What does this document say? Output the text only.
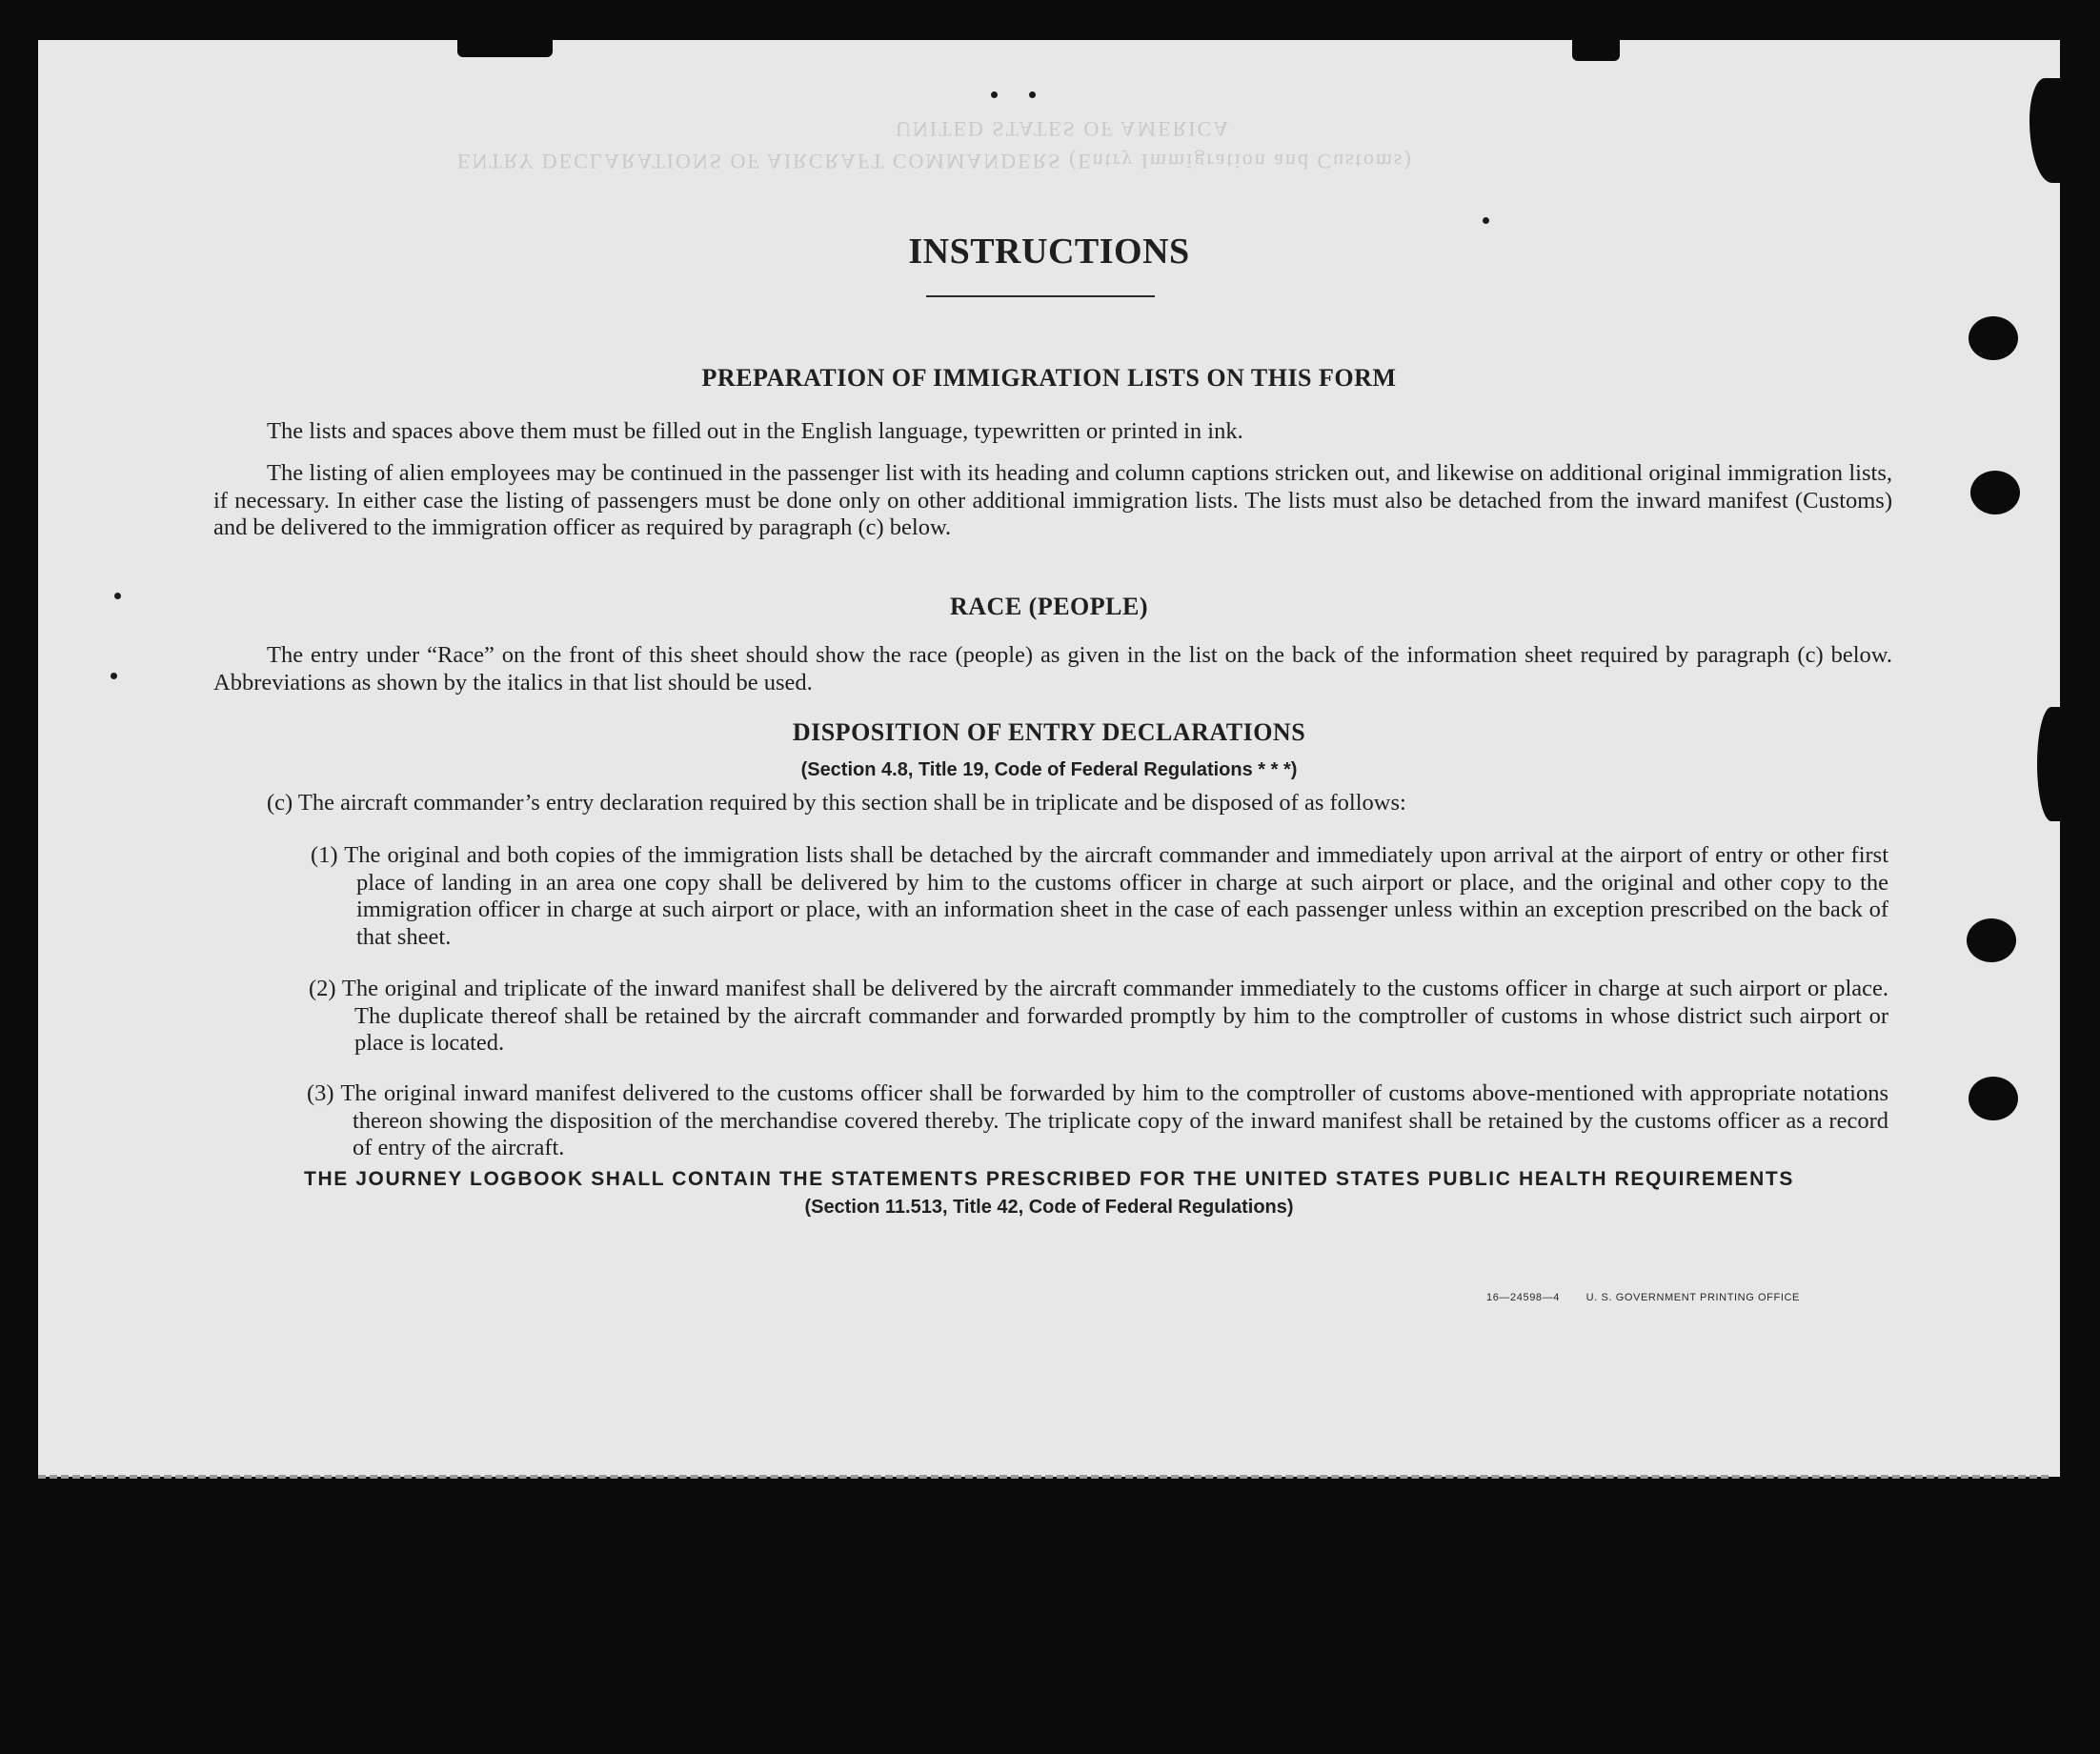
UNITED STATES OF AMERICA
ENTRY DECLARATIONS OF AIRCRAFT COMMANDERS (Entry Immigration and Customs)
INSTRUCTIONS
PREPARATION OF IMMIGRATION LISTS ON THIS FORM
The lists and spaces above them must be filled out in the English language, typewritten or printed in ink.
The listing of alien employees may be continued in the passenger list with its heading and column captions stricken out, and likewise on additional original immigration lists, if necessary. In either case the listing of passengers must be done only on other additional immigration lists. The lists must also be detached from the inward manifest (Customs) and be delivered to the immigration officer as required by paragraph (c) below.
RACE (PEOPLE)
The entry under “Race” on the front of this sheet should show the race (people) as given in the list on the back of the information sheet required by paragraph (c) below. Abbreviations as shown by the italics in that list should be used.
DISPOSITION OF ENTRY DECLARATIONS
(Section 4.8, Title 19, Code of Federal Regulations * * *)
(c) The aircraft commander’s entry declaration required by this section shall be in triplicate and be disposed of as follows:
(1) The original and both copies of the immigration lists shall be detached by the aircraft commander and immediately upon arrival at the airport of entry or other first place of landing in an area one copy shall be delivered by him to the customs officer in charge at such airport or place, and the original and other copy to the immigration officer in charge at such airport or place, with an information sheet in the case of each passenger unless within an exception prescribed on the back of that sheet.
(2) The original and triplicate of the inward manifest shall be delivered by the aircraft commander immediately to the customs officer in charge at such airport or place. The duplicate thereof shall be retained by the aircraft commander and forwarded promptly by him to the comptroller of customs in whose district such airport or place is located.
(3) The original inward manifest delivered to the customs officer shall be forwarded by him to the comptroller of customs above-mentioned with appropriate notations thereon showing the disposition of the merchandise covered thereby. The triplicate copy of the inward manifest shall be retained by the customs officer as a record of entry of the aircraft.
THE JOURNEY LOGBOOK SHALL CONTAIN THE STATEMENTS PRESCRIBED FOR THE UNITED STATES PUBLIC HEALTH REQUIREMENTS
(Section 11.513, Title 42, Code of Federal Regulations)
16—24598—4	U. S. GOVERNMENT PRINTING OFFICE
